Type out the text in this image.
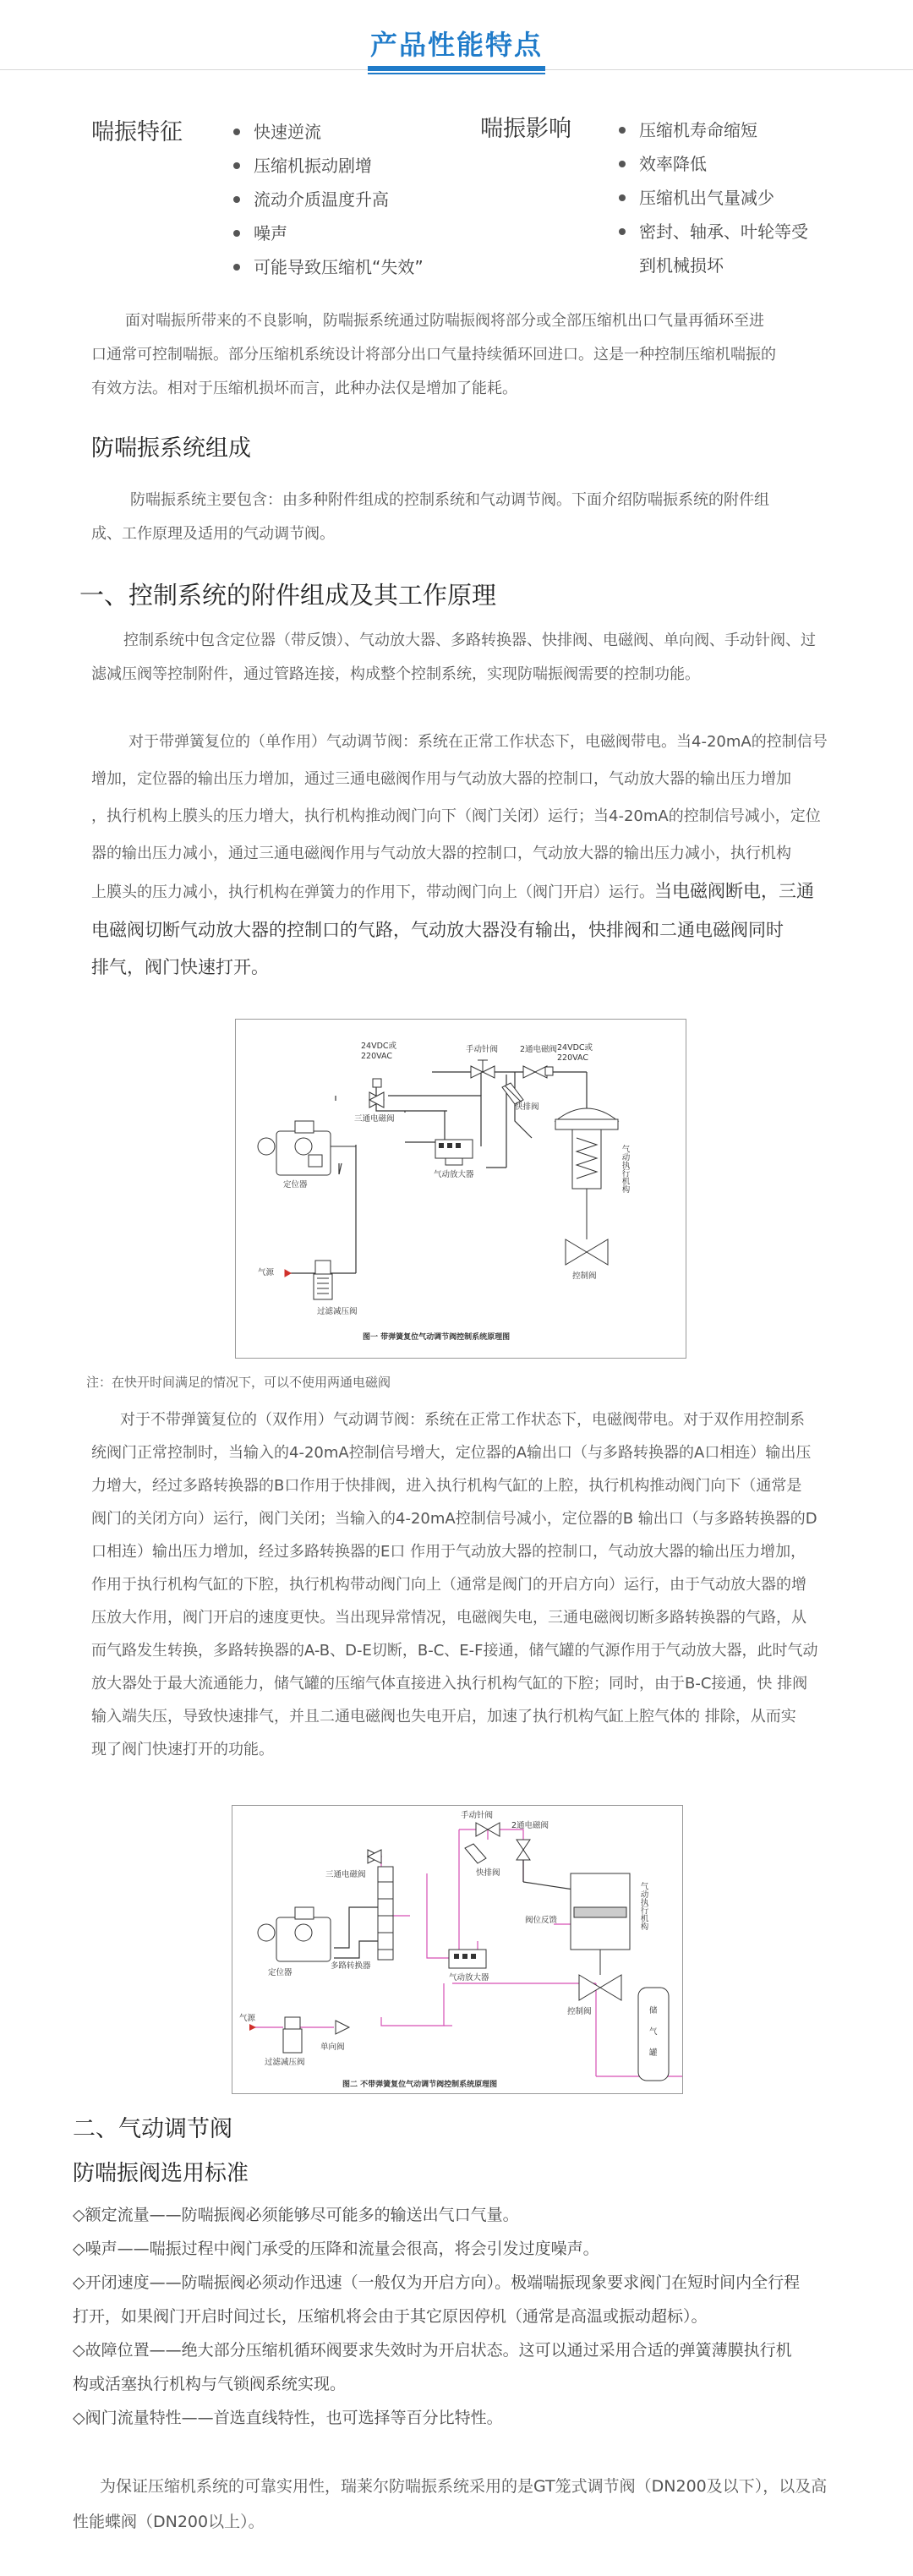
产品性能特点
喘振特征	快速逆流
压缩机振动剧增
流动介质温度升高
噪声
可能导致压缩机“失效”
喘振影响	压缩机寿命缩短
效率降低
压缩机出气量减少
密封、轴承、叶轮等受
到机械损坏
面对喘振所带来的不良影响，防喘振系统通过防喘振阀将部分或全部压缩机出口气量再循环至进
口通常可控制喘振。部分压缩机系统设计将部分出口气量持续循环回进口。这是一种控制压缩机喘振的
有效方法。相对于压缩机损坏而言，此种办法仅是增加了能耗。
防喘振系统组成
防喘振系统主要包含：由多种附件组成的控制系统和气动调节阀。下面介绍防喘振系统的附件组
成、工作原理及适用的气动调节阀。
一、控制系统的附件组成及其工作原理
控制系统中包含定位器（带反馈）、气动放大器、多路转换器、快排阀、电磁阀、单向阀、手动针阀、过
滤减压阀等控制附件，通过管路连接，构成整个控制系统，实现防喘振阀需要的控制功能。
对于带弹簧复位的（单作用）气动调节阀：系统在正常工作状态下，电磁阀带电。当4-20mA的控制信号
增加，定位器的输出压力增加，通过三通电磁阀作用与气动放大器的控制口，气动放大器的输出压力增加
，执行机构上膜头的压力增大，执行机构推动阀门向下（阀门关闭）运行；当4-20mA的控制信号减小，定位
器的输出压力减小，通过三通电磁阀作用与气动放大器的控制口，气动放大器的输出压力减小，执行机构
上膜头的压力减小，执行机构在弹簧力的作用下，带动阀门向上（阀门开启）运行。当电磁阀断电，三通
电磁阀切断气动放大器的控制口的气路，气动放大器没有输出，快排阀和二通电磁阀同时
排气，阀门快速打开。
24VDC或
220VAC
手动针阀	2通电磁阀 24VDC或
220VAC
三通电磁阀
快排阀
气动放大器
定位器
气源
过滤减压阀
控制阀
气动执行机构
图一 带弹簧复位气动调节阀控制系统原理图
注：在快开时间满足的情况下，可以不使用两通电磁阀
对于不带弹簧复位的（双作用）气动调节阀：系统在正常工作状态下，电磁阀带电。对于双作用控制系
统阀门正常控制时，当输入的4-20mA控制信号增大，定位器的A输出口（与多路转换器的A口相连）输出压
力增大，经过多路转换器的B口作用于快排阀，进入执行机构气缸的上腔，执行机构推动阀门向下（通常是
阀门的关闭方向）运行，阀门关闭；当输入的4-20mA控制信号减小，定位器的B 输出口（与多路转换器的D
口相连）输出压力增加，经过多路转换器的E口 作用于气动放大器的控制口，气动放大器的输出压力增加，
作用于执行机构气缸的下腔，执行机构带动阀门向上（通常是阀门的开启方向）运行，由于气动放大器的增
压放大作用，阀门开启的速度更快。当出现异常情况，电磁阀失电，三通电磁阀切断多路转换器的气路，从
而气路发生转换，多路转换器的A-B、D-E切断，B-C、E-F接通，储气罐的气源作用于气动放大器，此时气动
放大器处于最大流通能力，储气罐的压缩气体直接进入执行机构气缸的下腔；同时，由于B-C接通，快 排阀
输入端失压，导致快速排气，并且二通电磁阀也失电开启，加速了执行机构气缸上腔气体的 排除，从而实
现了阀门快速打开的功能。
手动针阀
2通电磁阀
快排阀
三通电磁阀
定位器
多路转换器
阀位反馈
气动放大器
控制阀
气动执行机构
气源
单向阀
过滤减压阀
储
气
罐
图二 不带弹簧复位气动调节阀控制系统原理图
二、气动调节阀
防喘振阀选用标准
◇额定流量——防喘振阀必须能够尽可能多的输送出气口气量。
◇噪声——喘振过程中阀门承受的压降和流量会很高，将会引发过度噪声。
◇开闭速度——防喘振阀必须动作迅速（一般仅为开启方向）。极端喘振现象要求阀门在短时间内全行程
打开，如果阀门开启时间过长，压缩机将会由于其它原因停机（通常是高温或振动超标）。
◇故障位置——绝大部分压缩机循环阀要求失效时为开启状态。这可以通过采用合适的弹簧薄膜执行机
构或活塞执行机构与气锁阀系统实现。
◇阀门流量特性——首选直线特性，也可选择等百分比特性。
为保证压缩机系统的可靠实用性，瑞莱尔防喘振系统采用的是GT笼式调节阀（DN200及以下），以及高
性能蝶阀（DN200以上）。
